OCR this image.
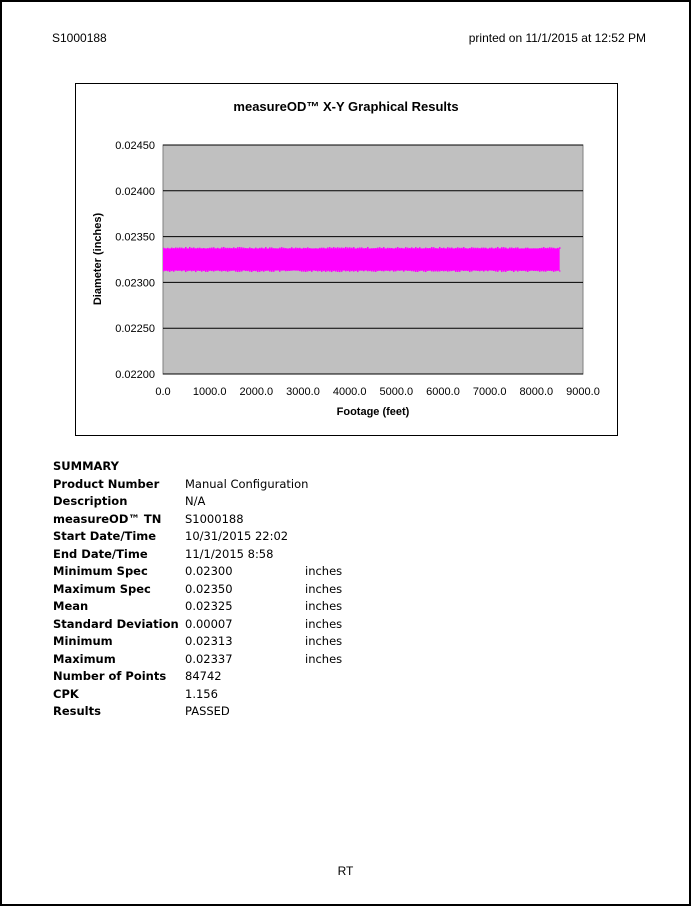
S1000188	printed on 11/1/2015 at 12:52 PM
measureOD™ X-Y Graphical Results
0.02200
0.02250
0.02300
0.02350
0.02400
0.02450
0.0 1000.0 2000.0 3000.0 4000.0 5000.0 6000.0 7000.0 8000.0 9000.0
Footage (feet)
Diameter (inches)
SUMMARY
Product Number Manual Configuration
Description	N/A
measureOD™ TN S1000188
Start Date/Time	10/31/2015 22:02
End Date/Time	11/1/2015 8:58
Minimum Spec	0.02300	inches
Maximum Spec	0.02350	inches
Mean	0.02325	inches
Standard Deviation 0.00007	inches
Minimum	0.02313	inches
Maximum	0.02337	inches
Number of Points 84742
CPK	1.156
Results	PASSED
RT
